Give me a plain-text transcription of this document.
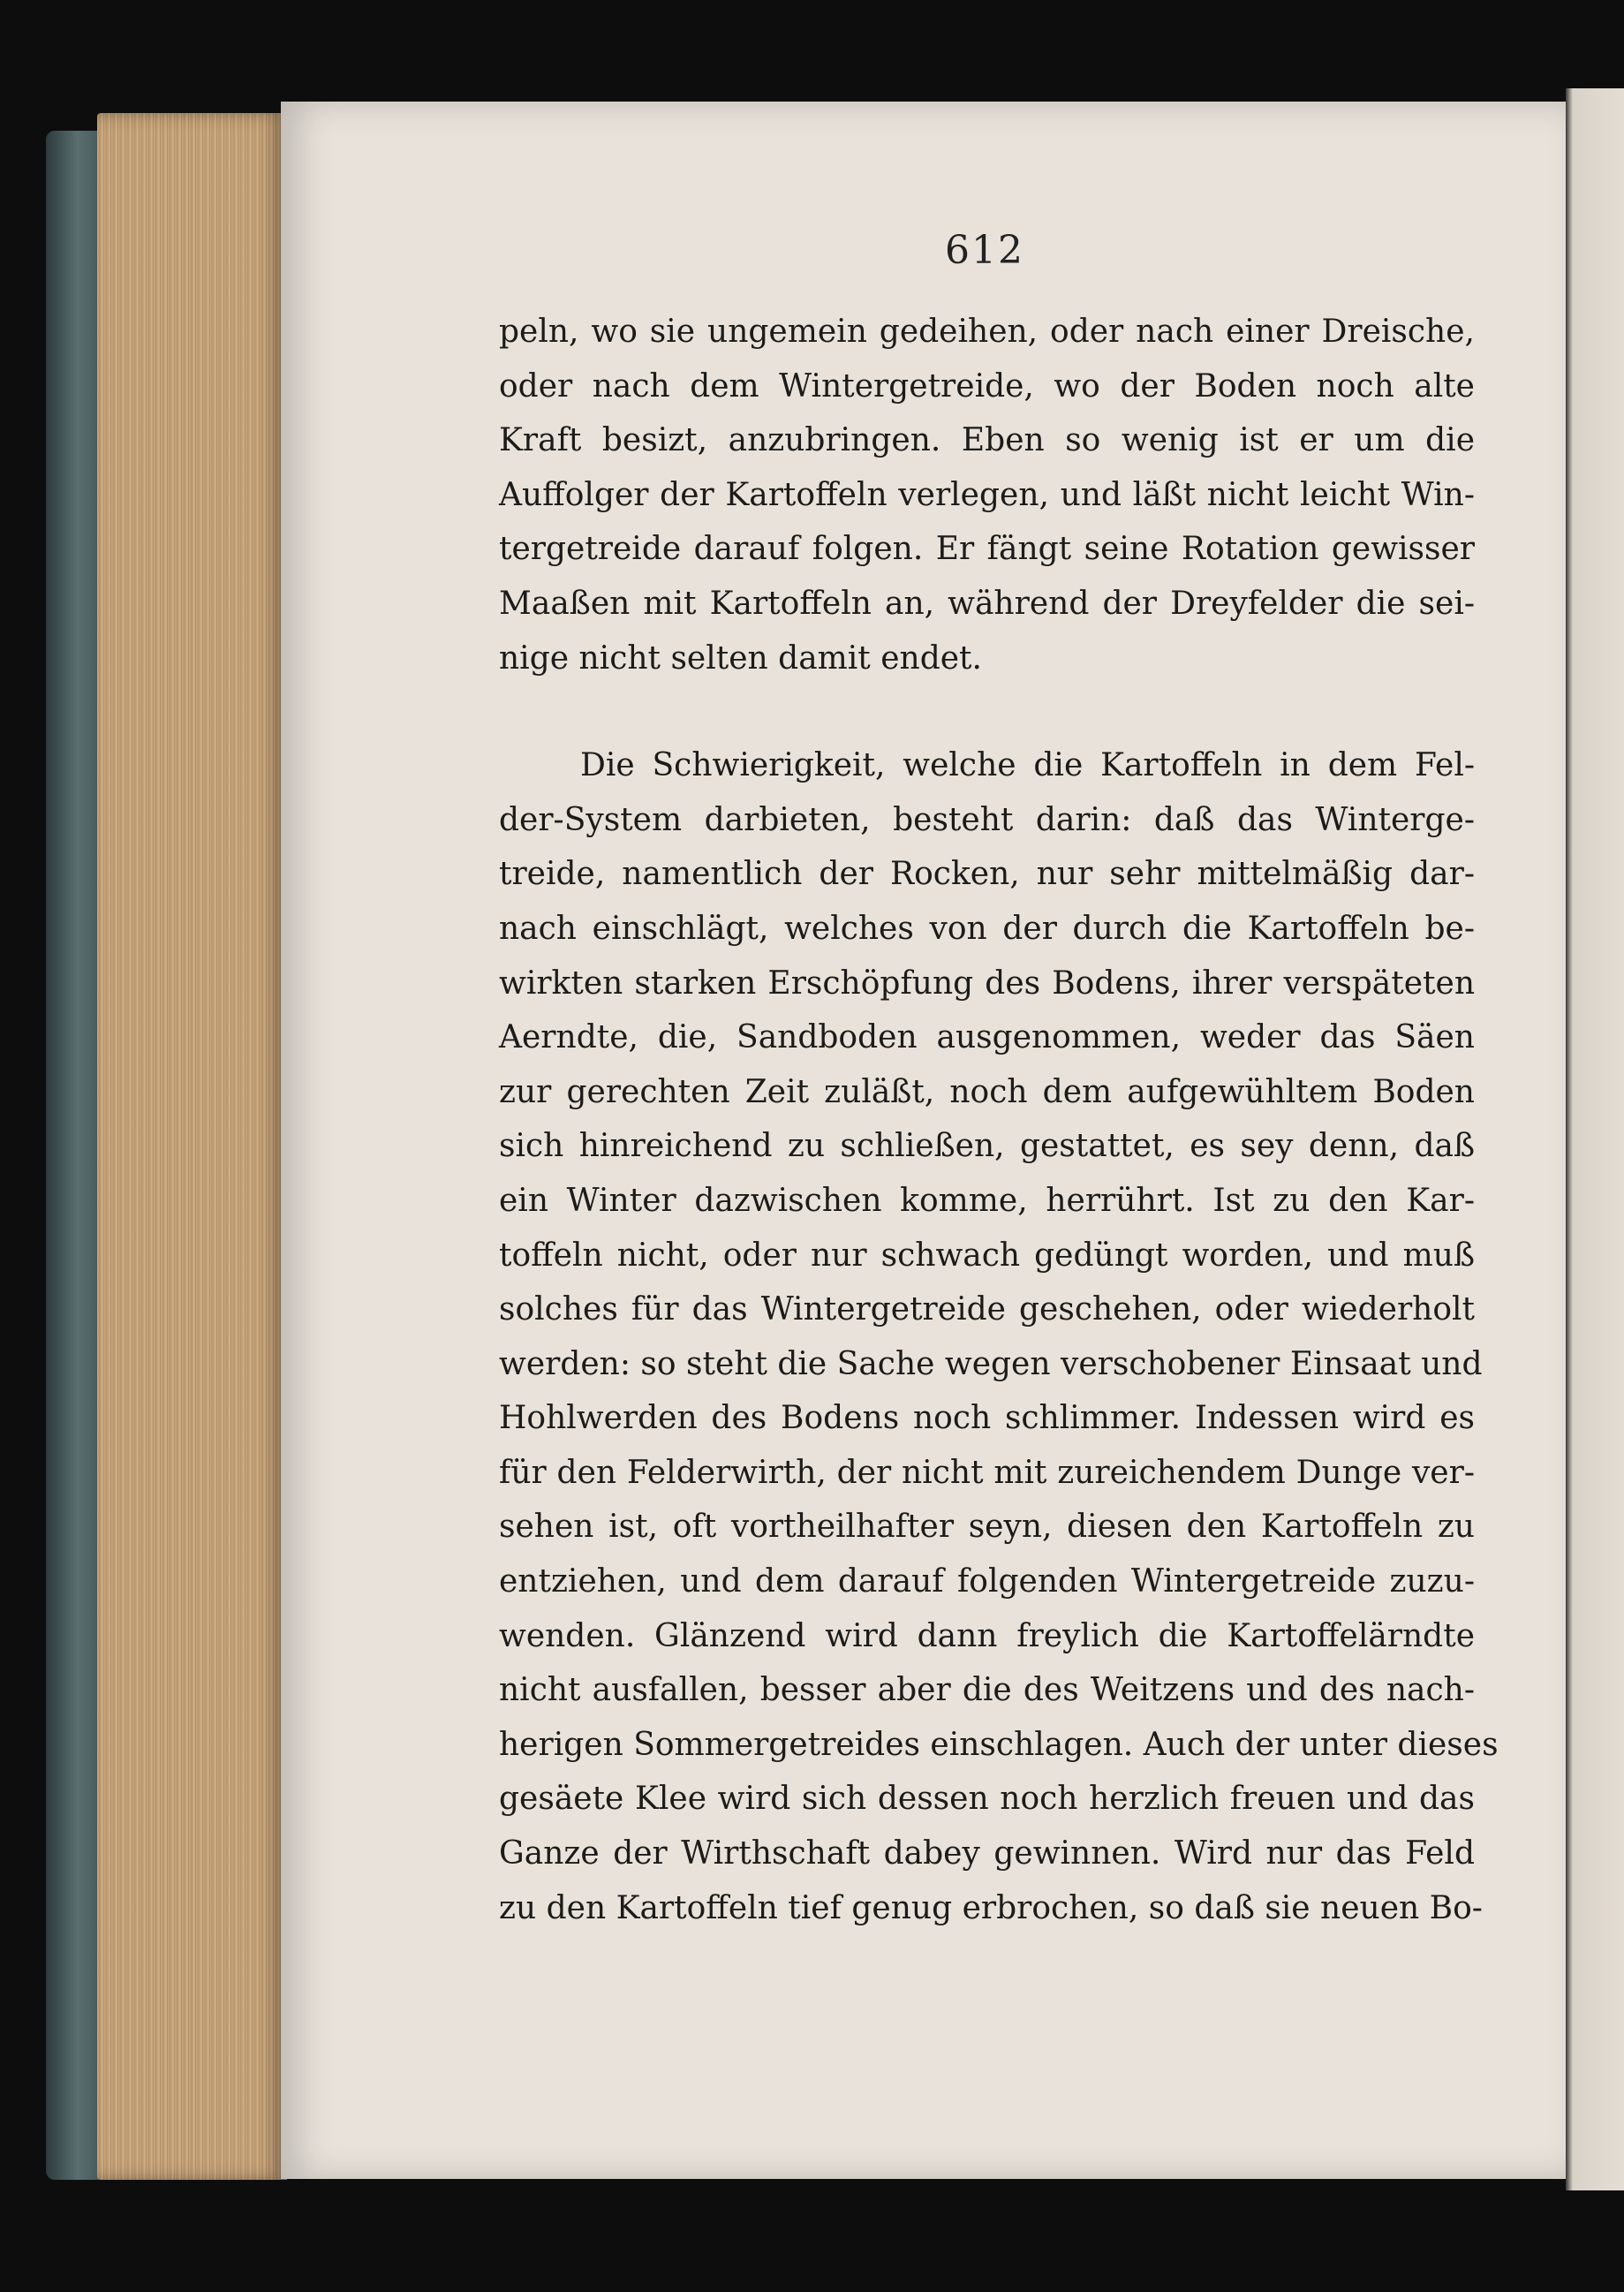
612
peln, wo sie ungemein gedeihen, oder nach einer Dreische,
oder nach dem Wintergetreide, wo der Boden noch alte
Kraft besizt, anzubringen. Eben so wenig ist er um die
Auffolger der Kartoffeln verlegen, und läßt nicht leicht Win-
tergetreide darauf folgen. Er fängt seine Rotation gewisser
Maaßen mit Kartoffeln an, während der Dreyfelder die sei-
nige nicht selten damit endet.
Die Schwierigkeit, welche die Kartoffeln in dem Fel-
der-System darbieten, besteht darin: daß das Winterge-
treide, namentlich der Rocken, nur sehr mittelmäßig dar-
nach einschlägt, welches von der durch die Kartoffeln be-
wirkten starken Erschöpfung des Bodens, ihrer verspäteten
Aerndte, die, Sandboden ausgenommen, weder das Säen
zur gerechten Zeit zuläßt, noch dem aufgewühltem Boden
sich hinreichend zu schließen, gestattet, es sey denn, daß
ein Winter dazwischen komme, herrührt. Ist zu den Kar-
toffeln nicht, oder nur schwach gedüngt worden, und muß
solches für das Wintergetreide geschehen, oder wiederholt
werden: so steht die Sache wegen verschobener Einsaat und
Hohlwerden des Bodens noch schlimmer. Indessen wird es
für den Felderwirth, der nicht mit zureichendem Dunge ver-
sehen ist, oft vortheilhafter seyn, diesen den Kartoffeln zu
entziehen, und dem darauf folgenden Wintergetreide zuzu-
wenden. Glänzend wird dann freylich die Kartoffelärndte
nicht ausfallen, besser aber die des Weitzens und des nach-
herigen Sommergetreides einschlagen. Auch der unter dieses
gesäete Klee wird sich dessen noch herzlich freuen und das
Ganze der Wirthschaft dabey gewinnen. Wird nur das Feld
zu den Kartoffeln tief genug erbrochen, so daß sie neuen Bo-
